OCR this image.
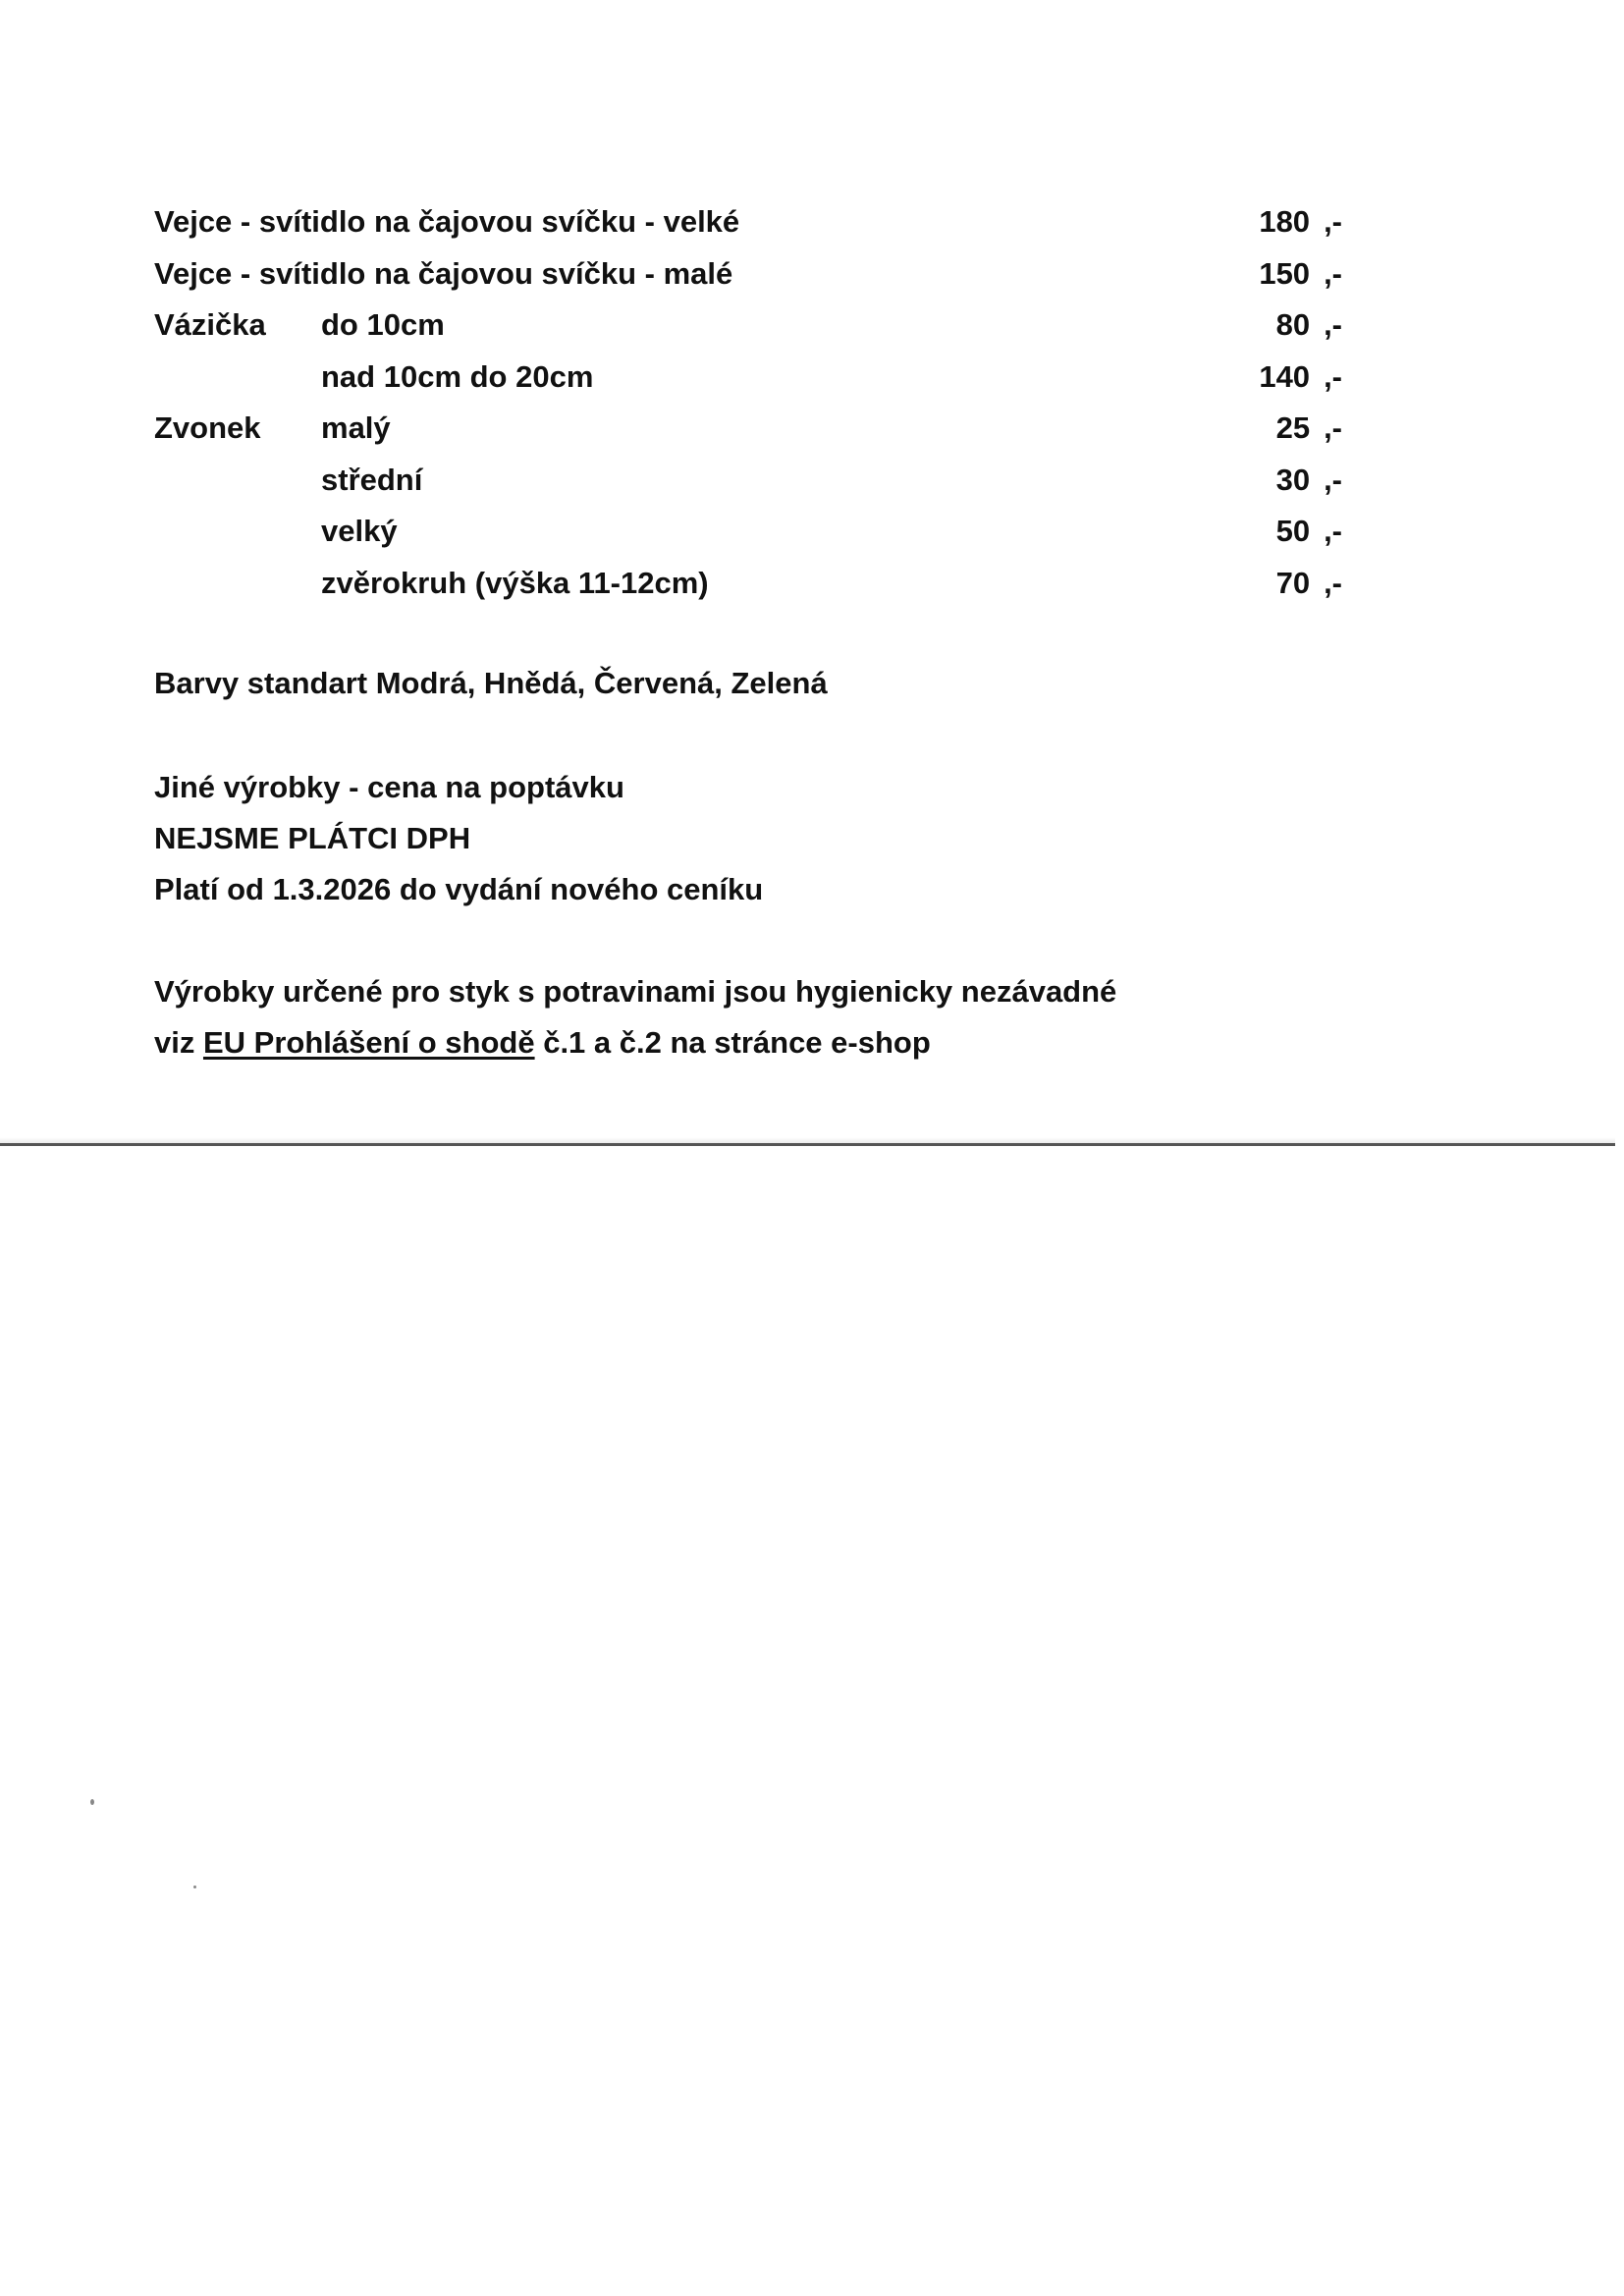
Vejce - svítidlo na čajovou svíčku - velké	180 ,-
Vejce - svítidlo na čajovou svíčku - malé	150 ,-
Vázička do 10cm	80 ,-
nad 10cm do 20cm	140 ,-
Zvonek malý	25 ,-
střední	30 ,-
velký	50 ,-
zvěrokruh (výška 11-12cm)	70 ,-

Barvy standart Modrá, Hnědá, Červená, Zelená

Jiné výrobky - cena na poptávku

NEJSME PLÁTCI DPH

Platí od 1.3.2026 do vydání nového ceníku

Výrobky určené pro styk s potravinami jsou hygienicky nezávadné

viz EU Prohlášení o shodě č.1 a č.2 na stránce e-shop
